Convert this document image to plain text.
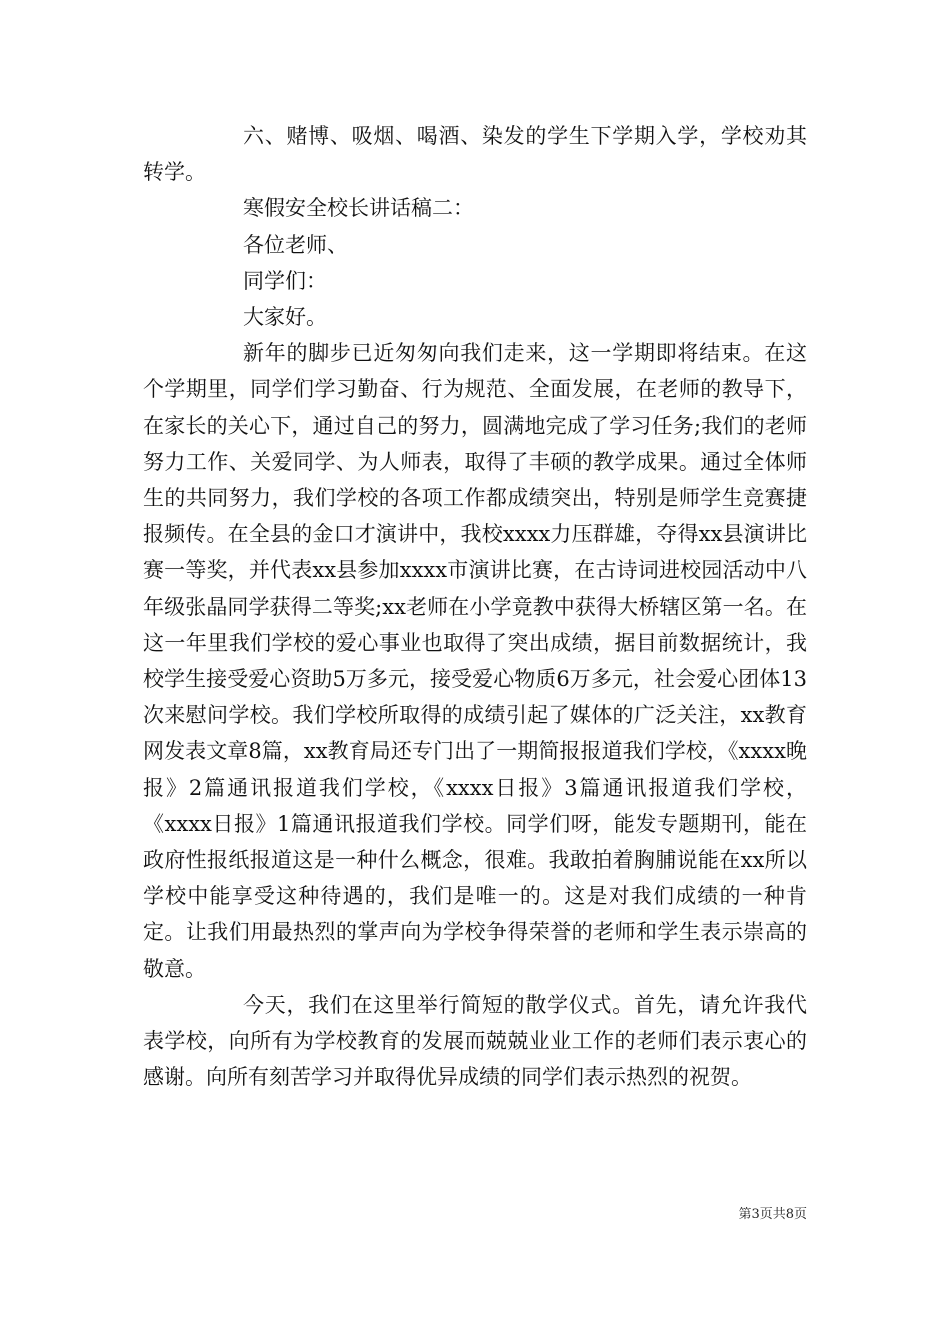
六、赌博、吸烟、喝酒、染发的学生下学期入学，学校劝其转学。

寒假安全校长讲话稿二：

各位老师、

同学们：

大家好。

新年的脚步已近匆匆向我们走来，这一学期即将结束。在这个学期里，同学们学习勤奋、行为规范、全面发展，在老师的教导下，在家长的关心下，通过自己的努力，圆满地完成了学习任务;我们的老师努力工作、关爱同学、为人师表，取得了丰硕的教学成果。通过全体师生的共同努力，我们学校的各项工作都成绩突出，特别是师学生竞赛捷报频传。在全县的金口才演讲中，我校xxxx力压群雄，夺得xx县演讲比赛一等奖，并代表xx县参加xxxx市演讲比赛，在古诗词进校园活动中八年级张晶同学获得二等奖;xx老师在小学竟教中获得大桥辖区第一名。在这一年里我们学校的爱心事业也取得了突出成绩，据目前数据统计，我校学生接受爱心资助5万多元，接受爱心物质6万多元，社会爱心团体13次来慰问学校。我们学校所取得的成绩引起了媒体的广泛关注，xx教育网发表文章8篇，xx教育局还专门出了一期简报报道我们学校，《xxxx晚报》2篇通讯报道我们学校，《xxxx日报》3篇通讯报道我们学校，《xxxx日报》1篇通讯报道我们学校。同学们呀，能发专题期刊，能在政府性报纸报道这是一种什么概念，很难。我敢拍着胸脯说能在xx所以学校中能享受这种待遇的，我们是唯一的。这是对我们成绩的一种肯定。让我们用最热烈的掌声向为学校争得荣誉的老师和学生表示崇高的敬意。

今天，我们在这里举行简短的散学仪式。首先，请允许我代表学校，向所有为学校教育的发展而兢兢业业工作的老师们表示衷心的感谢。向所有刻苦学习并取得优异成绩的同学们表示热烈的祝贺。

第3页共8页
